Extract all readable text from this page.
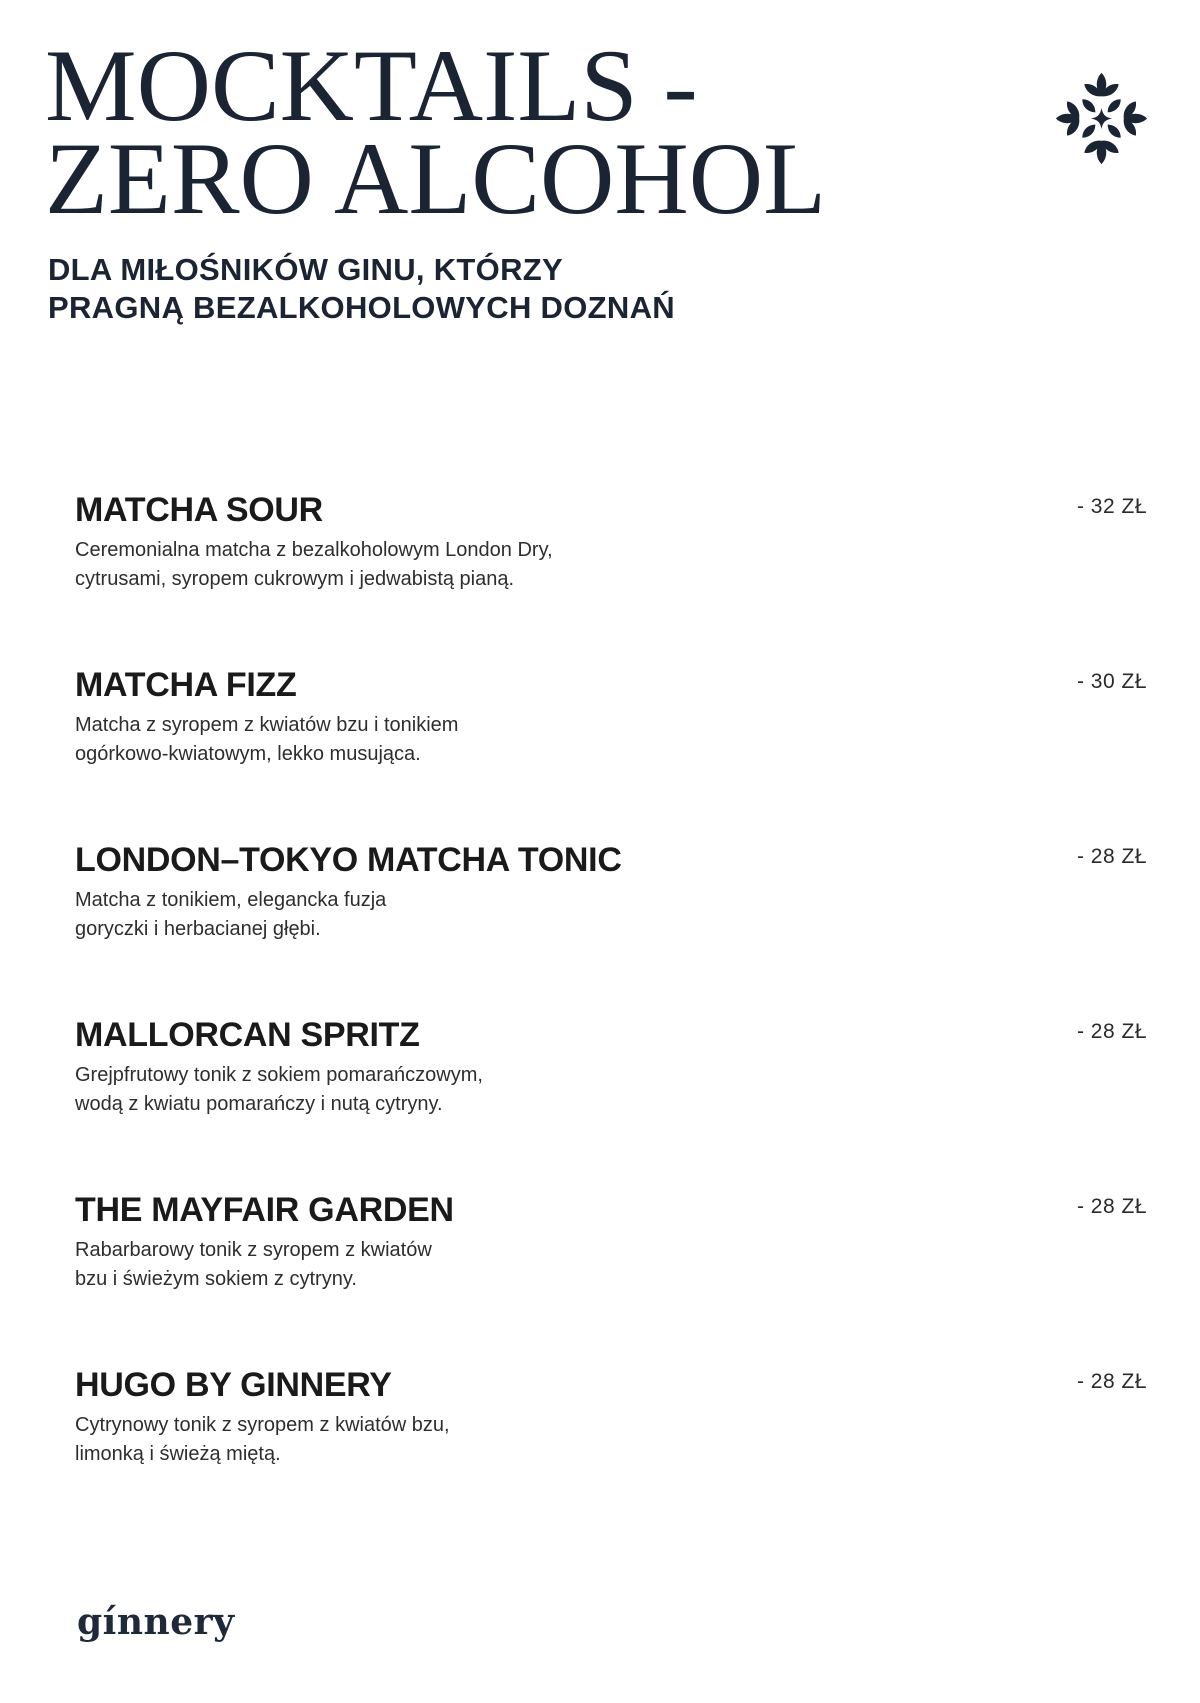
MOCKTAILS -
ZERO ALCOHOL
DLA MIŁOŚNIKÓW GINU, KTÓRZY
PRAGNĄ BEZALKOHOLOWYCH DOZNAŃ
MATCHA SOUR
Ceremonialna matcha z bezalkoholowym London Dry,
cytrusami, syropem cukrowym i jedwabistą pianą.
- 32 ZŁ
MATCHA FIZZ
Matcha z syropem z kwiatów bzu i tonikiem
ogórkowo-kwiatowym, lekko musująca.
- 30 ZŁ
LONDON–TOKYO MATCHA TONIC
Matcha z tonikiem, elegancka fuzja
goryczki i herbacianej głębi.
- 28 ZŁ
MALLORCAN SPRITZ
Grejpfrutowy tonik z sokiem pomarańczowym,
wodą z kwiatu pomarańczy i nutą cytryny.
- 28 ZŁ
THE MAYFAIR GARDEN
Rabarbarowy tonik z syropem z kwiatów
bzu i świeżym sokiem z cytryny.
- 28 ZŁ
HUGO BY GINNERY
Cytrynowy tonik z syropem z kwiatów bzu,
limonką i świeżą miętą.
- 28 ZŁ
gínnery
